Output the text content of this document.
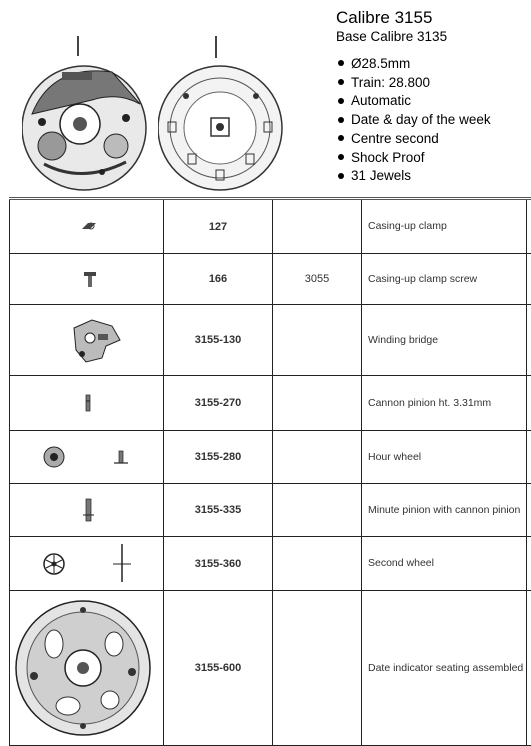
Calibre 3155
Base Calibre 3135
Ø28.5mm
Train: 28.800
Automatic
Date & day of the week
Centre second
Shock Proof
31 Jewels
	127		Casing-up clamp	

	166	3055	Casing-up clamp screw	

	3155-130		Winding bridge	

	3155-270		Cannon pinion ht. 3.31mm	

	3155-280		Hour wheel	

	3155-335		Minute pinion with cannon pinion	

	3155-360		Second wheel	

	3155-600		Date indicator seating assembled	
